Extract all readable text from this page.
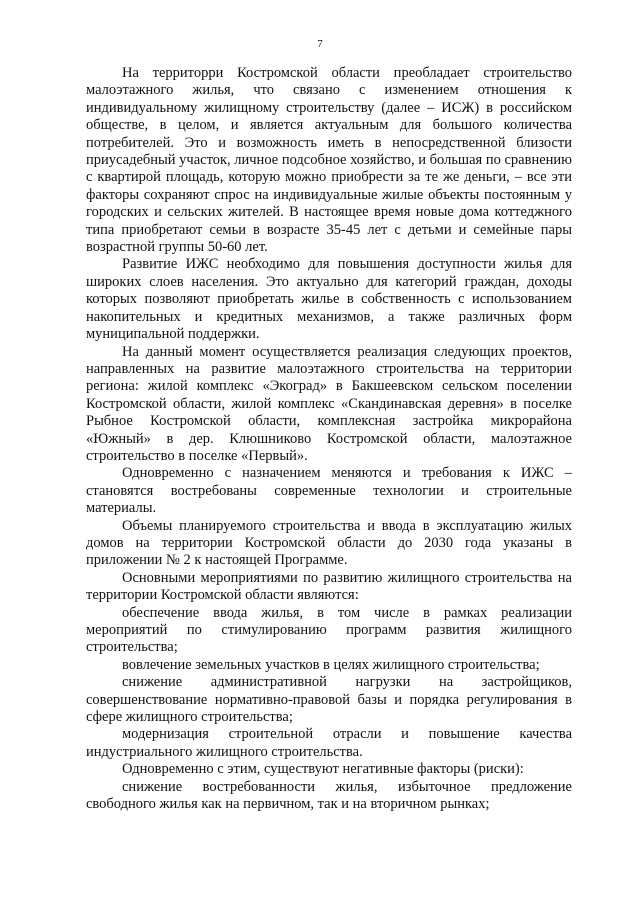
7

На территорри Костромской области преобладает строительство малоэтажного жилья, что связано с изменением отношения к индивидуальному жилищному строительству (далее – ИСЖ) в российском обществе, в целом, и является актуальным для большого количества потребителей. Это и возможность иметь в непосредственной близости приусадебный участок, личное подсобное хозяйство, и большая по сравнению с квартирой площадь, которую можно приобрести за те же деньги, – все эти факторы сохраняют спрос на индивидуальные жилые объекты постоянным у городских и сельских жителей. В настоящее время новые дома коттеджного типа приобретают семьи в возрасте 35-45 лет с детьми и семейные пары возрастной группы 50-60 лет.

Развитие ИЖС необходимо для повышения доступности жилья для широких слоев населения. Это актуально для категорий граждан, доходы которых позволяют приобретать жилье в собственность с использованием накопительных и кредитных механизмов, а также различных форм муниципальной поддержки.

На данный момент осуществляется реализация следующих проектов, направленных на развитие малоэтажного строительства на территории региона: жилой комплекс «Экоград» в Бакшеевском сельском поселении Костромской области, жилой комплекс «Скандинавская деревня» в поселке Рыбное Костромской области, комплексная застройка микрорайона «Южный» в дер. Клюшниково Костромской области, малоэтажное строительство в поселке «Первый».

Одновременно с назначением меняются и требования к ИЖС – становятся востребованы современные технологии и строительные материалы.

Объемы планируемого строительства и ввода в эксплуатацию жилых домов на территории Костромской области до 2030 года указаны в приложении № 2 к настоящей Программе.

Основными мероприятиями по развитию жилищного строительства на территории Костромской области являются:

обеспечение ввода жилья, в том числе в рамках реализации мероприятий по стимулированию программ развития жилищного строительства;

вовлечение земельных участков в целях жилищного строительства;

снижение административной нагрузки на застройщиков, совершенствование нормативно-правовой базы и порядка регулирования в сфере жилищного строительства;

модернизация строительной отрасли и повышение качества индустриального жилищного строительства.

Одновременно с этим, существуют негативные факторы (риски):

снижение востребованности жилья, избыточное предложение свободного жилья как на первичном, так и на вторичном рынках;
